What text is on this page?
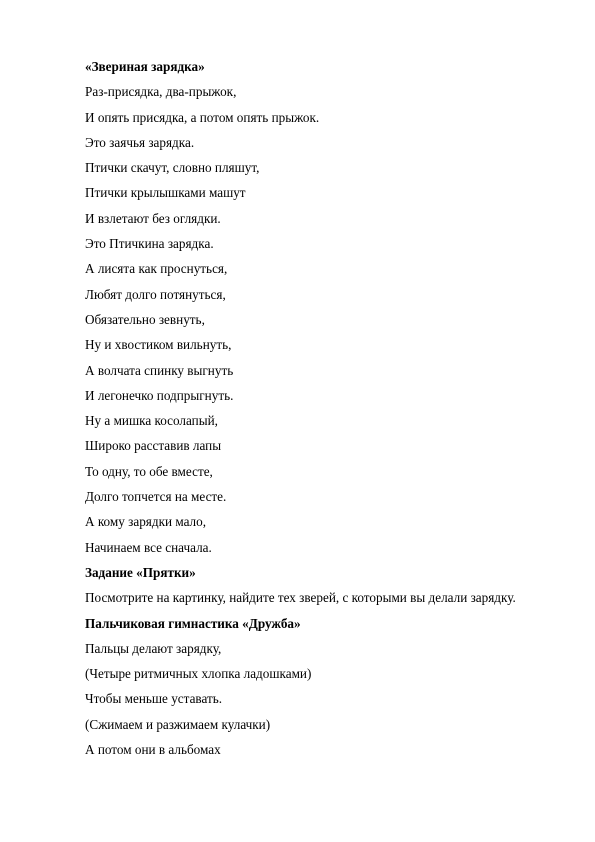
«Звериная зарядка»
Раз-присядка, два-прыжок,
И опять присядка, а потом опять прыжок.
Это заячья зарядка.
Птички скачут, словно пляшут,
Птички крылышками машут
И взлетают без оглядки.
Это Птичкина зарядка.
А лисята как проснуться,
Любят долго потянуться,
Обязательно зевнуть,
Ну и хвостиком вильнуть,
А волчата спинку выгнуть
И легонечко подпрыгнуть.
Ну а мишка косолапый,
Широко расставив лапы
То одну, то обе вместе,
Долго топчется на месте.
А кому зарядки мало,
Начинаем все сначала.
Задание «Прятки»
Посмотрите на картинку, найдите тех зверей, с которыми вы делали зарядку.
Пальчиковая гимнастика «Дружба»
Пальцы делают зарядку,
(Четыре ритмичных хлопка ладошками)
Чтобы меньше уставать.
(Сжимаем и разжимаем кулачки)
А потом они в альбомах
